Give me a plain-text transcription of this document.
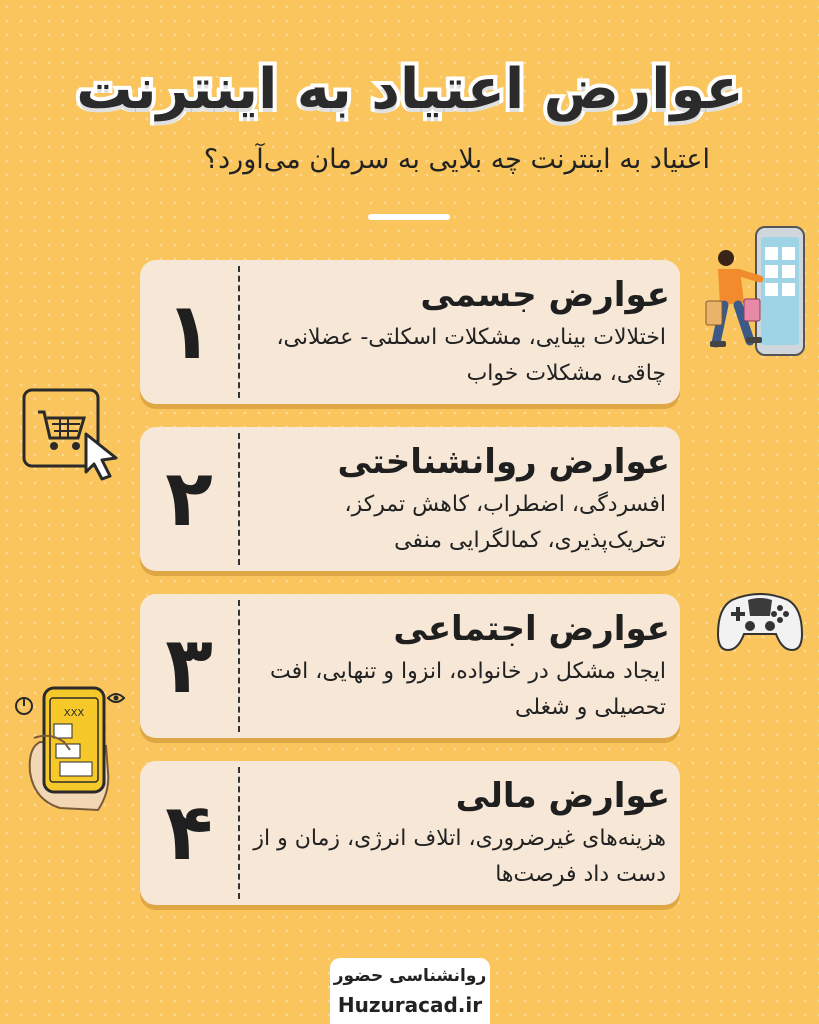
عوارض اعتیاد به اینترنت
اعتیاد به اینترنت چه بلایی به سرمان می‌آورد؟
۱	عوارض جسمی
اختلالات بینایی، مشکلات اسکلتی- عضلانی، چاقی، مشکلات خواب
۲	عوارض روانشناختی
افسردگی، اضطراب، کاهش تمرکز، تحریک‌پذیری، کمالگرایی منفی
۳	عوارض اجتماعی
ایجاد مشکل در خانواده، انزوا و تنهایی، افت تحصیلی و شغلی
۴	عوارض مالی
هزینه‌های غیرضروری، اتلاف انرژی، زمان و از دست داد فرصت‌ها
XXX
روانشناسی حضور
Huzuracad.ir
